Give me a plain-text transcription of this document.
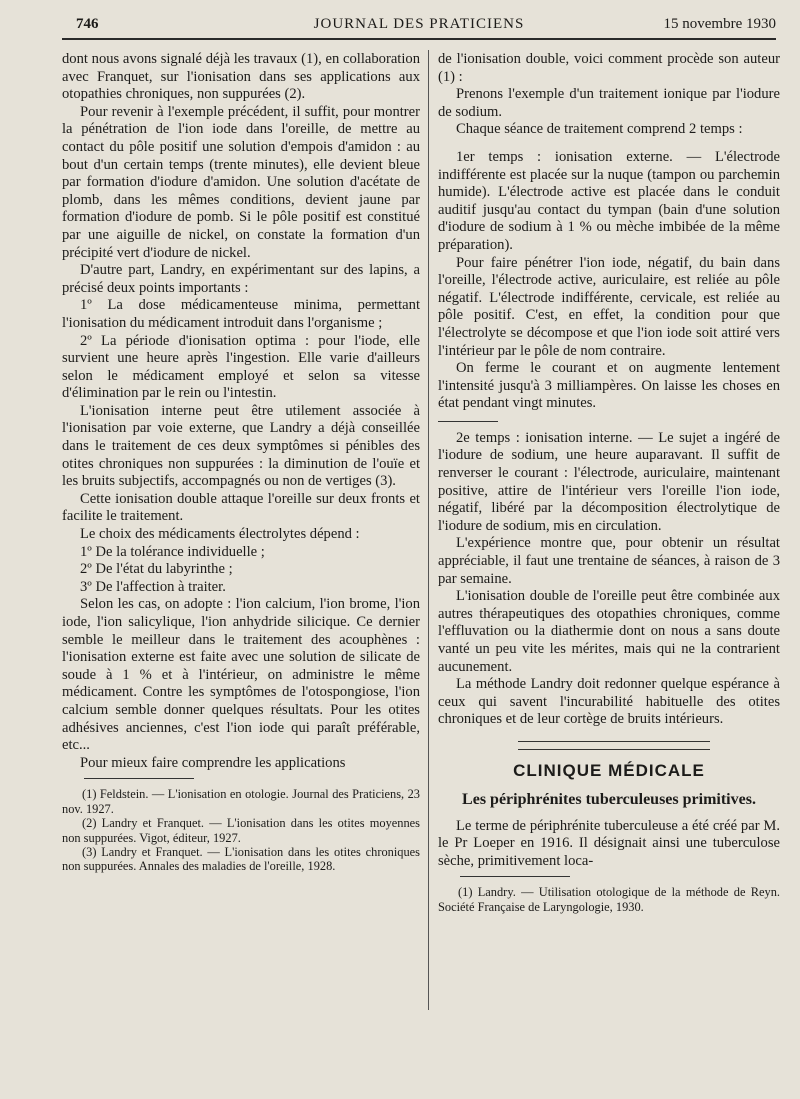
746	JOURNAL DES PRATICIENS	15 novembre 1930

dont nous avons signalé déjà les travaux (1), en collaboration avec Franquet, sur l'ionisation dans ses applications aux otopathies chroniques, non suppurées (2).

Pour revenir à l'exemple précédent, il suffit, pour montrer la pénétration de l'ion iode dans l'oreille, de mettre au contact du pôle positif une solution d'empois d'amidon : au bout d'un certain temps (trente minutes), elle devient bleue par formation d'iodure d'amidon. Une solution d'acétate de plomb, dans les mêmes conditions, devient jaune par formation d'iodure de pomb. Si le pôle positif est constitué par une aiguille de nickel, on constate la formation d'un précipité vert d'iodure de nickel.

D'autre part, Landry, en expérimentant sur des lapins, a précisé deux points importants :

1º La dose médicamenteuse minima, permettant l'ionisation du médicament introduit dans l'organisme ;

2º La période d'ionisation optima : pour l'iode, elle survient une heure après l'ingestion. Elle varie d'ailleurs selon le médicament employé et selon sa vitesse d'élimination par le rein ou l'intestin.

L'ionisation interne peut être utilement associée à l'ionisation par voie externe, que Landry a déjà conseillée dans le traitement de ces deux symptômes si pénibles des otites chroniques non suppurées : la diminution de l'ouïe et les bruits subjectifs, accompagnés ou non de vertiges (3).

Cette ionisation double attaque l'oreille sur deux fronts et facilite le traitement.

Le choix des médicaments électrolytes dépend :

1º De la tolérance individuelle ;

2º De l'état du labyrinthe ;

3º De l'affection à traiter.

Selon les cas, on adopte : l'ion calcium, l'ion brome, l'ion iode, l'ion salicylique, l'ion anhydride silicique. Ce dernier semble le meilleur dans le traitement des acouphènes : l'ionisation externe est faite avec une solution de silicate de soude à 1 % et à l'intérieur, on administre le même médicament. Contre les symptômes de l'otospongiose, l'ion calcium semble donner quelques résultats. Pour les otites adhésives anciennes, c'est l'ion iode qui paraît préférable, etc...

Pour mieux faire comprendre les applications

(1) Feldstein. — L'ionisation en otologie. Journal des Praticiens, 23 nov. 1927.

(2) Landry et Franquet. — L'ionisation dans les otites moyennes non suppurées. Vigot, éditeur, 1927.

(3) Landry et Franquet. — L'ionisation dans les otites chroniques non suppurées. Annales des maladies de l'oreille, 1928.

de l'ionisation double, voici comment procède son auteur (1) :

Prenons l'exemple d'un traitement ionique par l'iodure de sodium.

Chaque séance de traitement comprend 2 temps :

1er temps : ionisation externe. — L'électrode indifférente est placée sur la nuque (tampon ou parchemin humide). L'électrode active est placée dans le conduit auditif jusqu'au contact du tympan (bain d'une solution d'iodure de sodium à 1 % ou mèche imbibée de la même préparation).

Pour faire pénétrer l'ion iode, négatif, du bain dans l'oreille, l'électrode active, auriculaire, est reliée au pôle négatif. L'électrode indifférente, cervicale, est reliée au pôle positif. C'est, en effet, la condition pour que l'électrolyte se décompose et que l'ion iode soit attiré vers l'intérieur par le pôle de nom contraire.

On ferme le courant et on augmente lentement l'intensité jusqu'à 3 milliampères. On laisse les choses en état pendant vingt minutes.

2e temps : ionisation interne. — Le sujet a ingéré de l'iodure de sodium, une heure auparavant. Il suffit de renverser le courant : l'électrode, auriculaire, maintenant positive, attire de l'intérieur vers l'oreille l'ion iode, négatif, libéré par la décomposition électrolytique de l'iodure de sodium, mis en circulation.

L'expérience montre que, pour obtenir un résultat appréciable, il faut une trentaine de séances, à raison de 3 par semaine.

L'ionisation double de l'oreille peut être combinée aux autres thérapeutiques des otopathies chroniques, comme l'effluvation ou la diathermie dont on nous a sans doute vanté un peu vite les mérites, mais qui ne la contrarient aucunement.

La méthode Landry doit redonner quelque espérance à ceux qui savent l'incurabilité habituelle des otites chroniques et de leur cortège de bruits intérieurs.

CLINIQUE MÉDICALE
Les périphrénites tuberculeuses primitives.

Le terme de périphrénite tuberculeuse a été créé par M. le Pr Loeper en 1916. Il désignait ainsi une tuberculose sèche, primitivement loca-

(1) Landry. — Utilisation otologique de la méthode de Reyn. Société Française de Laryngologie, 1930.
